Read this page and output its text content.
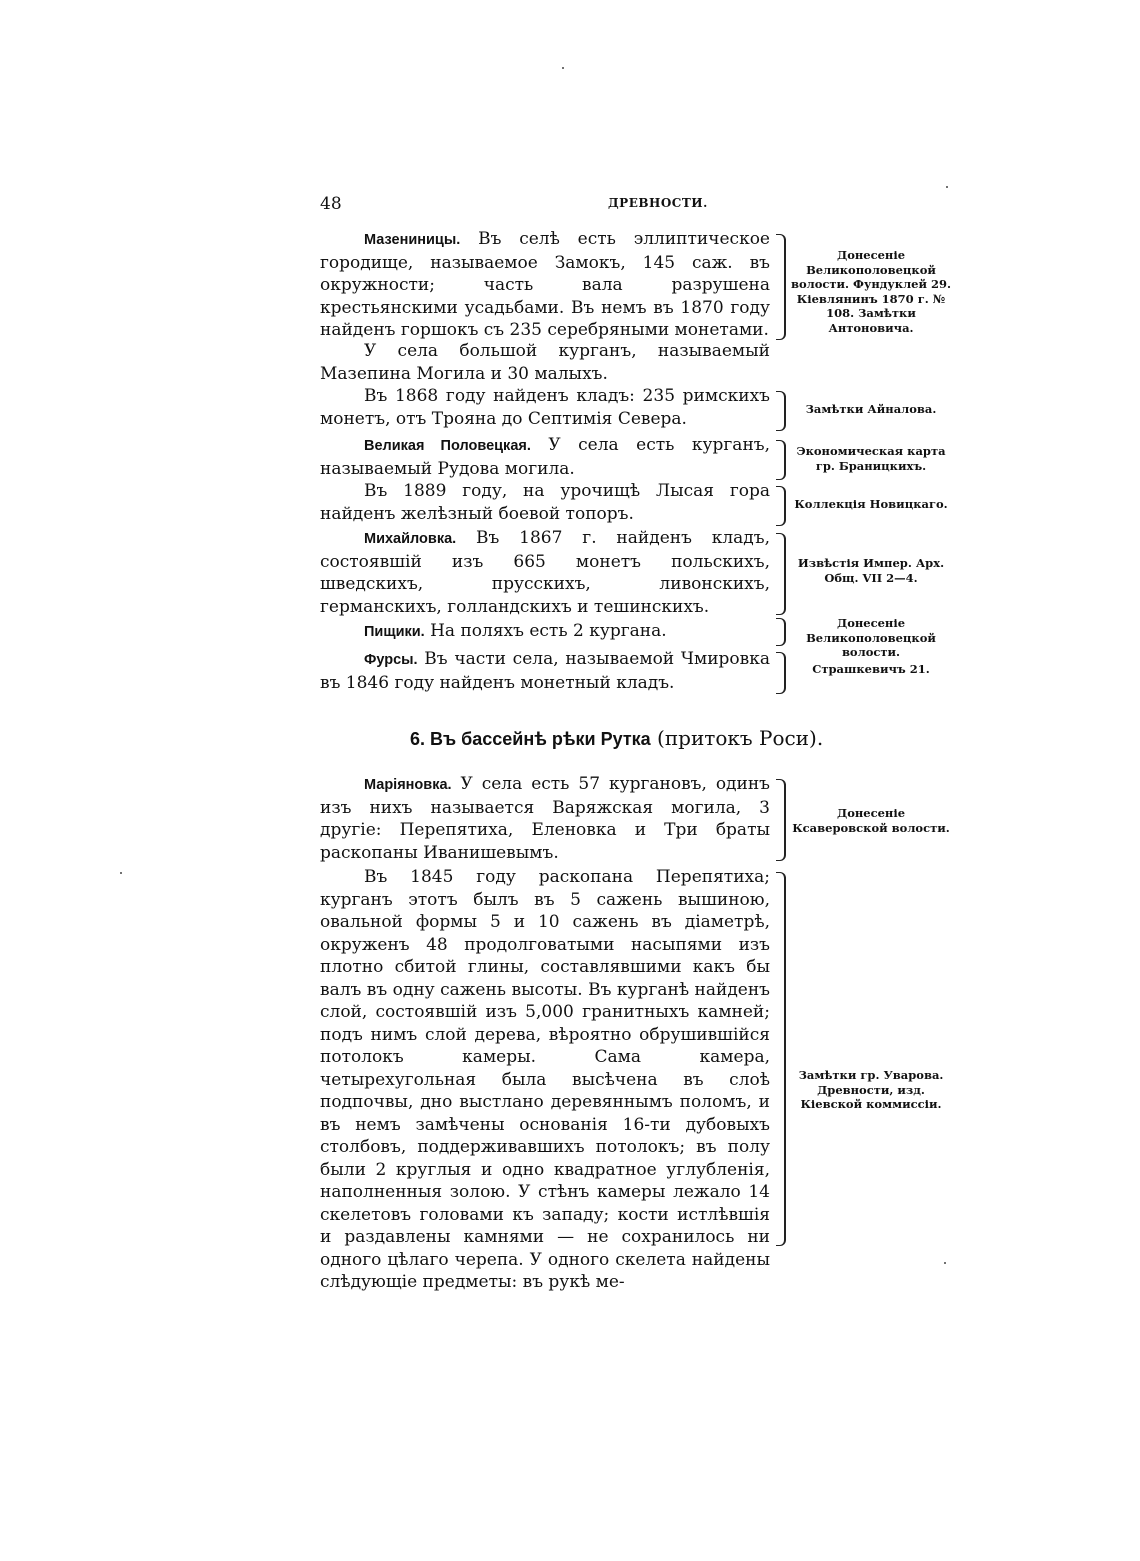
48	ДРЕВНОСТИ.
Мазениницы. Въ селѣ есть эллиптическое городище, называемое Замокъ, 145 саж. въ окружности; часть вала разрушена крестьянскими усадьбами. Въ немъ въ 1870 году найденъ горшокъ съ 235 серебряными монетами.
Донесеніе Великополовецкой волости. Фундуклей 29. Кіевлянинъ 1870 г. № 108. Замѣтки Антоновича.
У села большой курганъ, называемый Мазепина Могила и 30 малыхъ.
Въ 1868 году найденъ кладъ: 235 римскихъ монетъ, отъ Трояна до Септимія Севера.	Замѣтки Айналова.
Великая Половецкая. У села есть курганъ, называемый Рудова могила.
Экономическая карта гр. Браницкихъ.
Въ 1889 году, на урочищѣ Лысая гора найденъ желѣзный боевой топоръ.	Коллекція Новицкаго.
Михайловка. Въ 1867 г. найденъ кладъ, состоявшій изъ 665 монетъ польскихъ, шведскихъ, прусскихъ, ливонскихъ, германскихъ, голландскихъ и тешинскихъ.
Извѣстія Импер. Арх. Общ. VII 2—4.
Пищики. На поляхъ есть 2 кургана.	Донесеніе Великополовецкой волости.
Фурсы. Въ части села, называемой Чмировка въ 1846 году найденъ монетный кладъ.
Страшкевичъ 21.
6. Въ бассейнѣ рѣки Рутка (притокъ Роси).
Маріяновка. У села есть 57 кургановъ, одинъ изъ нихъ называется Варяжская могила, 3 другіе: Перепятиха, Еленовка и Три браты раскопаны Иванишевымъ.
Донесеніе Ксаверовской волости.
Въ 1845 году раскопана Перепятиха; курганъ этотъ былъ въ 5 сажень вышиною, овальной формы 5 и 10 сажень въ діаметрѣ, окруженъ 48 продолговатыми насыпями изъ плотно сбитой глины, составлявшими какъ бы валъ въ одну сажень высоты. Въ курганѣ найденъ слой, состоявшій изъ 5,000 гранитныхъ камней; подъ нимъ слой дерева, вѣроятно обрушившійся потолокъ камеры. Сама камера, четырехугольная была высѣчена въ слоѣ подпочвы, дно выстлано деревяннымъ поломъ, и въ немъ замѣчены основанія 16-ти дубовыхъ столбовъ, поддерживавшихъ потолокъ; въ полу были 2 круглыя и одно квадратное углубленія, наполненныя золою. У стѣнъ камеры лежало 14 скелетовъ головами къ западу; кости истлѣвшія и раздавлены камнями — не сохранилось ни одного цѣлаго черепа. У одного скелета найдены слѣдующіе предметы: въ рукѣ ме-
Замѣтки гр. Уварова. Древности, изд. Кіевской коммиссіи.
